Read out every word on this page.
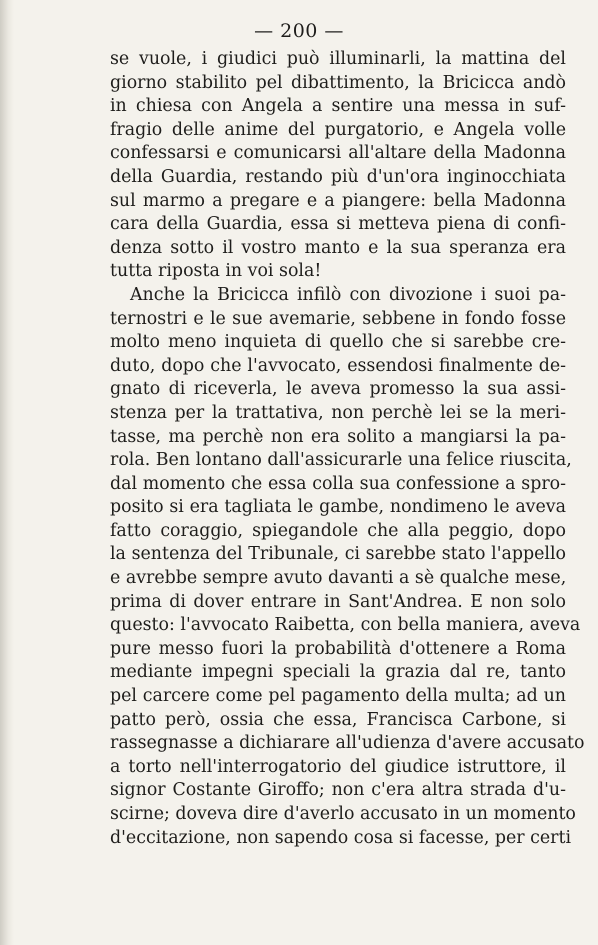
— 200 —
se vuole, i giudici può illuminarli, la mattina del
giorno stabilito pel dibattimento, la Bricicca andò
in chiesa con Angela a sentire una messa in suf-
fragio delle anime del purgatorio, e Angela volle
confessarsi e comunicarsi all'altare della Madonna
della Guardia, restando più d'un'ora inginocchiata
sul marmo a pregare e a piangere: bella Madonna
cara della Guardia, essa si metteva piena di confi-
denza sotto il vostro manto e la sua speranza era
tutta riposta in voi sola!
Anche la Bricicca infilò con divozione i suoi pa-
ternostri e le sue avemarie, sebbene in fondo fosse
molto meno inquieta di quello che si sarebbe cre-
duto, dopo che l'avvocato, essendosi finalmente de-
gnato di riceverla, le aveva promesso la sua assi-
stenza per la trattativa, non perchè lei se la meri-
tasse, ma perchè non era solito a mangiarsi la pa-
rola. Ben lontano dall'assicurarle una felice riuscita,
dal momento che essa colla sua confessione a spro-
posito si era tagliata le gambe, nondimeno le aveva
fatto coraggio, spiegandole che alla peggio, dopo
la sentenza del Tribunale, ci sarebbe stato l'appello
e avrebbe sempre avuto davanti a sè qualche mese,
prima di dover entrare in Sant'Andrea. E non solo
questo: l'avvocato Raibetta, con bella maniera, aveva
pure messo fuori la probabilità d'ottenere a Roma
mediante impegni speciali la grazia dal re, tanto
pel carcere come pel pagamento della multa; ad un
patto però, ossia che essa, Francisca Carbone, si
rassegnasse a dichiarare all'udienza d'avere accusato
a torto nell'interrogatorio del giudice istruttore, il
signor Costante Giroffo; non c'era altra strada d'u-
scirne; doveva dire d'averlo accusato in un momento
d'eccitazione, non sapendo cosa si facesse, per certi
